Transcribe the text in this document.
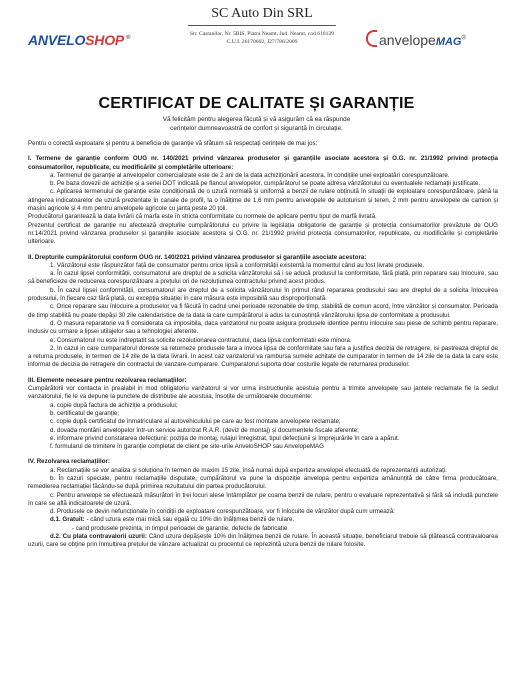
ANVELOSHOP ®
SC Auto Din SRL
Str. Castanilor, Nr. 5BIS, Piatra Neamt, Jud. Neamt, cod 610139
C.U.I. 26170602, J27/786/2009	anvelopeMAG®
CERTIFICAT DE CALITATE ȘI GARANȚIE
Vă felicităm pentru alegerea făcută și vă asigurăm că ea răspunde
cerințelor dumneavoastră de confort și siguranță în circulație.

Pentru o corectă exploatare și pentru a beneficia de garanție vă sfătuim să respectați cerințele de mai jos:

I. Termene de garanție conform OUG nr. 140/2021 privind vânzarea produselor și garanțiile asociate acestora și O.G. nr. 21/1992 privind protecția consumatorilor, republicate, cu modificările și completările ulterioare:

a. Termenul de garanție al anvelopelor comercializate este de 2 ani de la data achiziționării acestora, în condițiile unei exploatări corespunzătoare.

b. Pe baza dovezii de achiziție și a seriei DOT indicată pe flancul anvelopelor, cumpărătorul se poate adresa vânzătorului cu eventualele reclamații justificate.

c. Aplicarea termenului de garanție este condiționată de o uzură normală și uniformă a benzii de rulare obținută în situații de exploatare corespunzătoare, până la atingerea indicatoarelor de uzură prezentate în canale de profil, la o înălțime de 1,6 mm pentru anvelopele de autoturism și teren, 2 mm pentru anvelopele de camion și mașini agricole și 4 mm pentru anvelopele agricole cu janta peste 20 țoli.

Producătorul garantează la data livrării că marfa este în stricta conformitate cu normele de aplicare pentru tipul de marfă livrată.

Prezentul certificat de garanție nu afectează drepturile cumpărătorului cu privire la legislația obligatorie de garanție și protecția consumatorilor prevăzute de OUG nr.14/2021 privind vânzarea produselor și garanțiile asociate acestora și O.G. nr. 21/1992 privind protecția consumatorilor, republicate, cu modificările și completările ulterioare.

II. Drepturile cumpărătorului conform OUG nr. 140/2021 privind vânzarea produselor și garanțiile asociate acestora:

1. Vânzătorul este răspunzător față de consumator pentru orice lipsă a conformității existentă la momentul când au fost livrate produsele.

a. În cazul lipsei conformității, consumatorul are dreptul de a solicita vânzătorului să i se aducă produsul la conformitate, fără plată, prin reparare sau înlocuire, sau să beneficieze de reducerea corespunzătoare a prețului ori de rezoluțiunea contractului privind acest produs.

b. În cazul lipsei conformității, consumatorul are dreptul de a solicita vânzătorului în primul rând repararea produsului sau are dreptul de a solicita înlocuirea produsului, în fiecare caz fără plată, cu excepția situației în care măsura este imposibilă sau disproporționată.

c. Orice reparare sau înlocuire a produselor va fi făcută în cadrul unei perioade rezonabile de timp, stabilită de comun acord, între vânzător și consumator. Perioada de timp stabilită nu poate depăși 30 zile calendaristice de la data la care cumpărătorul a adus la cunoștință vânzătorului lipsa de conformitate a produsului.

d. O masura reparatorie va fi considerata ca imposibila, daca vanzatorul nu poate asigura produsele identice pentru inlocuire sau piese de schimb pentru reparare, inclusiv cu urmare a lipsei utilajelor sau a tehnologiei aferente.

e. Consumatorul nu este indreptatit sa solicite rezolutionarea contractului, daca lipsa conformitatii este minora.

2. In cazul in care cumparatorul doreste sa returneze produsele fara a invoca lipsa de conformitate sau fara a justifica decizia de retragere, isi pastreaza dreptul de a returna produsele, in termen de 14 zile de la data livrarii. In acest caz vanzatorul va rambursa sumele achitate de cumparator in termen de 14 zile de la data la care este informat de decizia de retragere din contractul de vanzare-cumparare. Cumparatorul suporta doar costurile legate de returnarea produselor.

III. Elemente necesare pentru rezolvarea reclamațiilor:

Cumpărătorii vor contacta in prealabil in mod obligatoriu vanzatorul si vor urma instructiunile acestuia pentru a trimite anvelopele sau jantele reclamate fie la sediul vanzatorului, fie le va depune la punctele de distributie ale acestuia, însoțite de următoarele documente:

a. copie după factura de achiziție a produsului;

b. certificatul de garanție;

c. copie după certificatul de înmatriculare al autovehiculului pe care au fost montate anvelopele reclamate;

d. dovada montării anvelopelor într-un service autorizat R.A.R. (deviz de montaj) și documentele fiscale aferente;

e. informare privind constatarea defecțiunii: poziția de montaj, rulajul înregistrat, tipul defecțiunii și împrejurările în care a apărut.

f. formularul de trimitere în garanție completat de client pe site-urile AnveloSHOP sau AnvelopeMAG

IV. Rezolvarea reclamațiilor:

a. Reclamațiile se vor analiza și soluționa în termen de maxim 15 zile, însă numai după expertiza anvelopei efectuată de reprezentanții autorizați.

b. În cazuri speciale, pentru reclamațiile disputate, cumpărătorul va pune la dispoziție anvelopa pentru expertiza amănunțită de către firma producătoare, remedierea reclamației făcându-se după primirea rezultatului din partea producătorului.

c. Pentru anvelope se efectuează măsurători în trei locuri alese întâmplător pe coama benzii de rulare, pentru o evaluare reprezentativă și fără să includă punctele în care se află indicatoarele de uzură.

d. Produsele ce devin nefuncționale în condiții de exploatare corespunzătoare, vor fi înlocuite de vânzător după cum urmează:

d.1. Gratuit: - când uzura este mai mică sau egală cu 10% din înălțimea benzii de rulare.

- cand produsele prezinta, in timpul perioadei de garantie, defecte de fabricatie

d.2. Cu plata contravalorii uzurii: Când uzura depășește 10% din înălțimea benzii de rulare. În această situație, beneficiarul trebuie să plătească contravaloarea uzurii, care se obține prin înmulțirea prețului de vânzare actualizat cu procentul ce reprezintă uzura benzii de rulare folosite.
